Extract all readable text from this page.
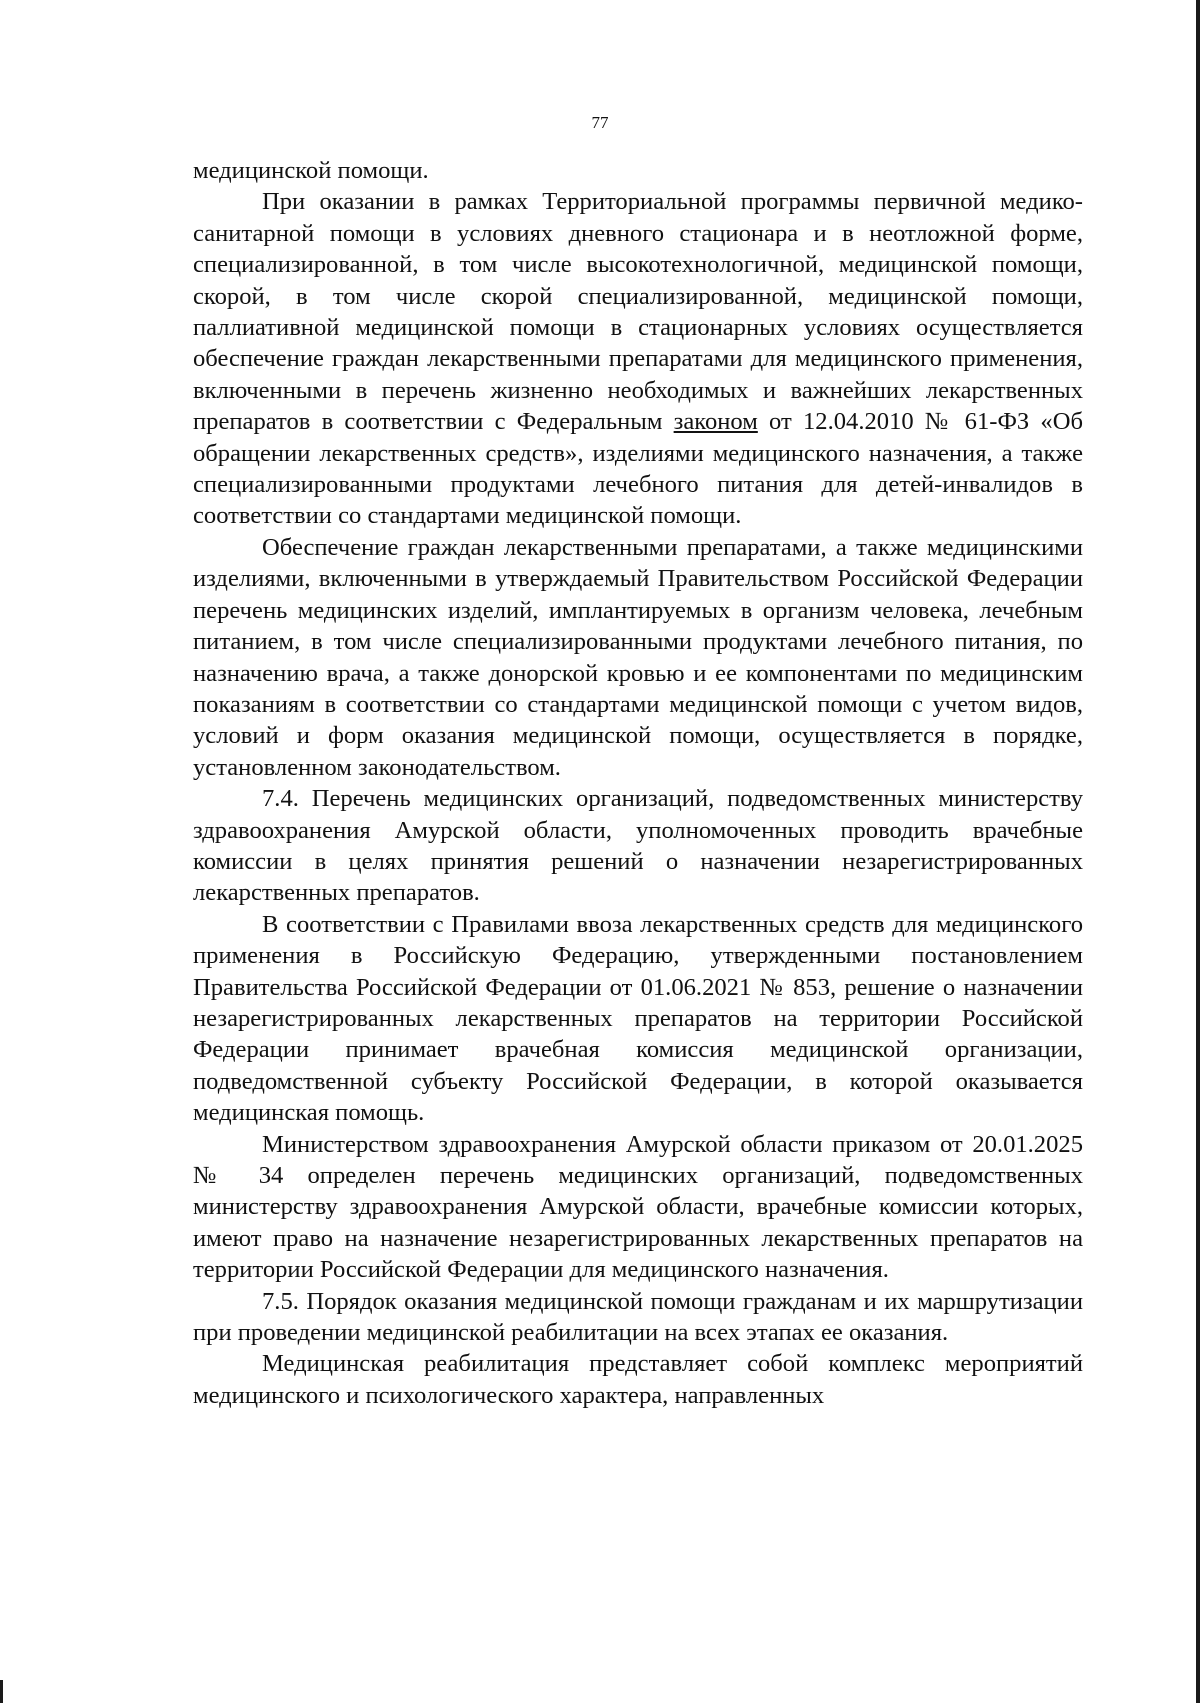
77

медицинской помощи.

При оказании в рамках Территориальной программы первичной медико-санитарной помощи в условиях дневного стационара и в неотложной форме, специализированной, в том числе высокотехнологичной, медицинской помощи, скорой, в том числе скорой специализированной, медицинской помощи, паллиативной медицинской помощи в стационарных условиях осуществляется обеспечение граждан лекарственными препаратами для медицинского применения, включенными в перечень жизненно необходимых и важнейших лекарственных препаратов в соответствии с Федеральным законом от 12.04.2010 № 61-ФЗ «Об обращении лекарственных средств», изделиями медицинского назначения, а также специализированными продуктами лечебного питания для детей-инвалидов в соответствии со стандартами медицинской помощи.

Обеспечение граждан лекарственными препаратами, а также медицинскими изделиями, включенными в утверждаемый Правительством Российской Федерации перечень медицинских изделий, имплантируемых в организм человека, лечебным питанием, в том числе специализированными продуктами лечебного питания, по назначению врача, а также донорской кровью и ее компонентами по медицинским показаниям в соответствии со стандартами медицинской помощи с учетом видов, условий и форм оказания медицинской помощи, осуществляется в порядке, установленном законодательством.

7.4. Перечень медицинских организаций, подведомственных министерству здравоохранения Амурской области, уполномоченных проводить врачебные комиссии в целях принятия решений о назначении незарегистрированных лекарственных препаратов.

В соответствии с Правилами ввоза лекарственных средств для медицинского применения в Российскую Федерацию, утвержденными постановлением Правительства Российской Федерации от 01.06.2021 № 853, решение о назначении незарегистрированных лекарственных препаратов на территории Российской Федерации принимает врачебная комиссия медицинской организации, подведомственной субъекту Российской Федерации, в которой оказывается медицинская помощь.

Министерством здравоохранения Амурской области приказом от 20.01.2025 № 34 определен перечень медицинских организаций, подведомственных министерству здравоохранения Амурской области, врачебные комиссии которых, имеют право на назначение незарегистрированных лекарственных препаратов на территории Российской Федерации для медицинского назначения.

7.5. Порядок оказания медицинской помощи гражданам и их маршрутизации при проведении медицинской реабилитации на всех этапах ее оказания.

Медицинская реабилитация представляет собой комплекс мероприятий медицинского и психологического характера, направленных
